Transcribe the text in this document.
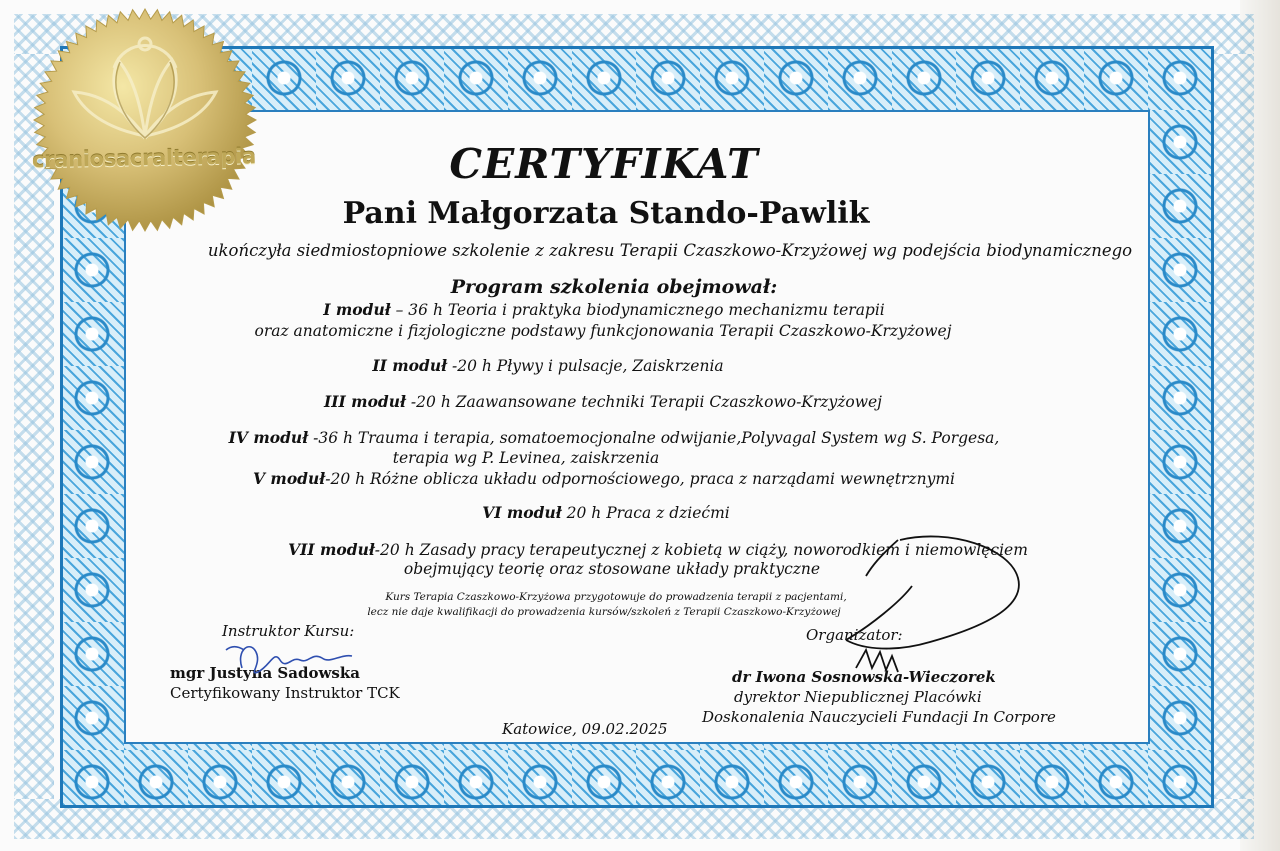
craniosacralterapia	CERTYFIKAT
Pani Małgorzata Stando-Pawlik
ukończyła siedmiostopniowe szkolenie z zakresu Terapii Czaszkowo-Krzyżowej wg podejścia biodynamicznego
Program szkolenia obejmował:
I moduł – 36 h Teoria i praktyka biodynamicznego mechanizmu terapii
oraz anatomiczne i fizjologiczne podstawy funkcjonowania Terapii Czaszkowo-Krzyżowej
II moduł -20 h Pływy i pulsacje, Zaiskrzenia
III moduł -20 h Zaawansowane techniki Terapii Czaszkowo-Krzyżowej
IV moduł -36 h Trauma i terapia, somatoemocjonalne odwijanie,Polyvagal System wg S. Porgesa,
terapia wg P. Levinea, zaiskrzenia
V moduł-20 h Różne oblicza układu odpornościowego, praca z narządami wewnętrznymi
VI moduł 20 h Praca z dziećmi
VII moduł-20 h Zasady pracy terapeutycznej z kobietą w ciąży, noworodkiem i niemowlęciem
obejmujący teorię oraz stosowane układy praktyczne
Kurs Terapia Czaszkowo-Krzyżowa przygotowuje do prowadzenia terapii z pacjentami,
lecz nie daje kwalifikacji do prowadzenia kursów/szkoleń z Terapii Czaszkowo-Krzyżowej
Instruktor Kursu:
mgr Justyna Sadowska
Certyfikowany Instruktor TCK
Organizator:
dr Iwona Sosnowska-Wieczorek
dyrektor Niepublicznej Placówki
Doskonalenia Nauczycieli Fundacji In Corpore
Katowice, 09.02.2025
